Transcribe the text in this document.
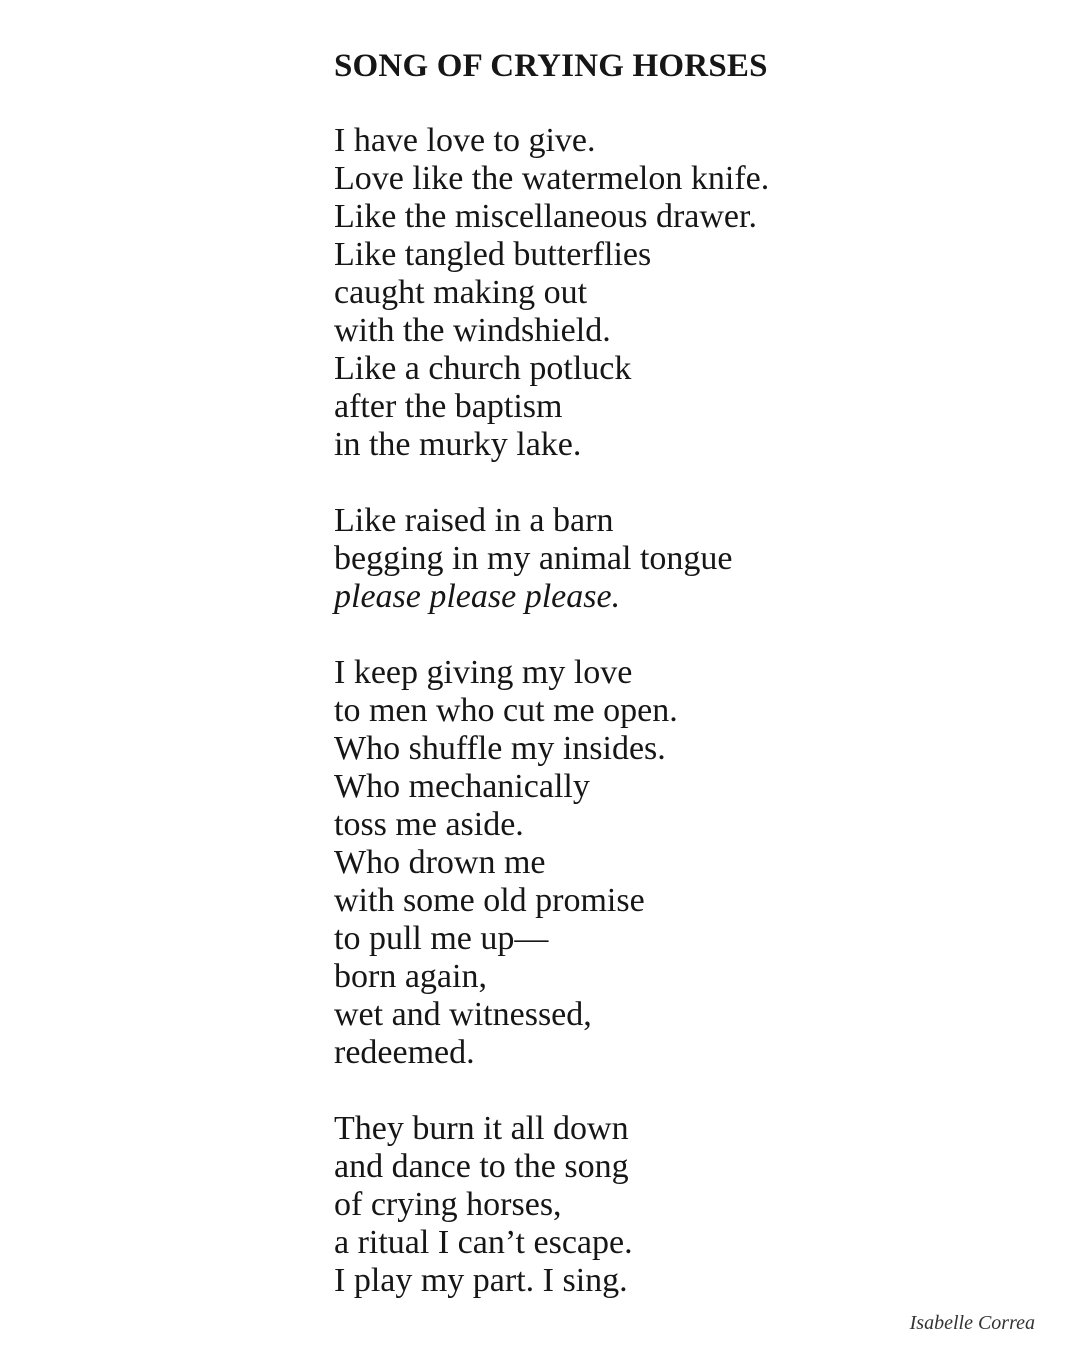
SONG OF CRYING HORSES
I have love to give.
Love like the watermelon knife.
Like the miscellaneous drawer.
Like tangled butterflies
caught making out
with the windshield.
Like a church potluck
after the baptism
in the murky lake.
Like raised in a barn
begging in my animal tongue
please please please.
I keep giving my love
to men who cut me open.
Who shuffle my insides.
Who mechanically
toss me aside.
Who drown me
with some old promise
to pull me up—
born again,
wet and witnessed,
redeemed.
They burn it all down
and dance to the song
of crying horses,
a ritual I can’t escape.
I play my part. I sing.
Isabelle Correa
